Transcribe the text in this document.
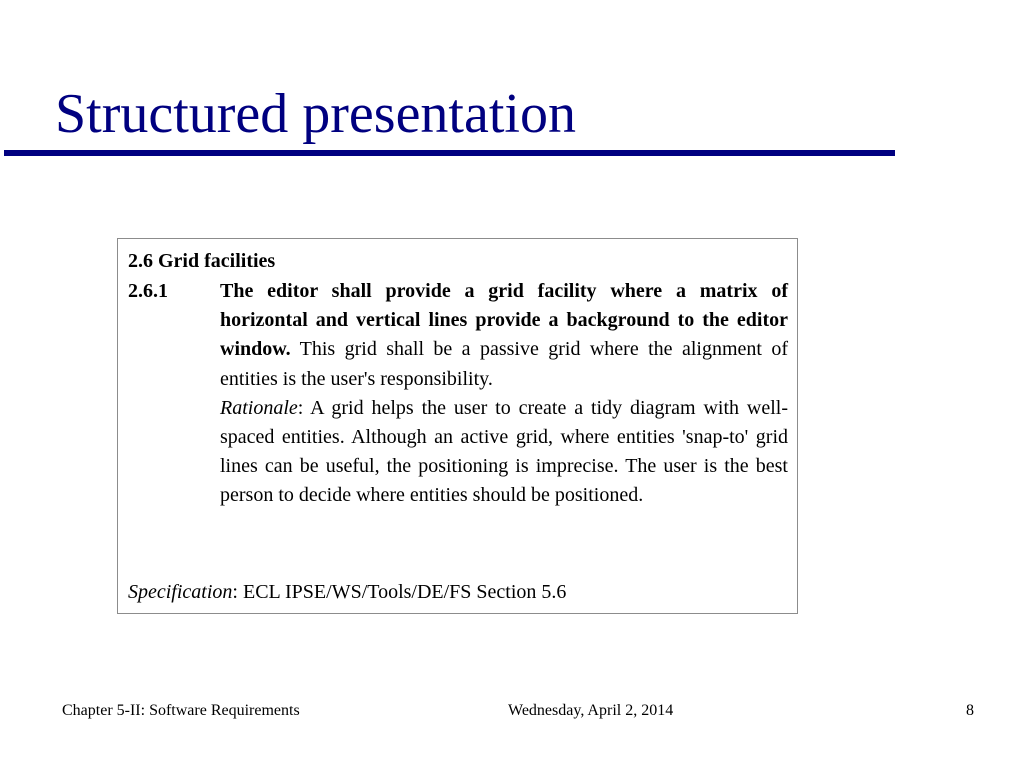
Structured presentation
2.6 Grid facilities
2.6.1	The editor shall provide a grid facility where a matrix of horizontal and vertical lines provide a background to the editor window. This grid shall be a passive grid where the alignment of entities is the user's responsibility.

Rationale: A grid helps the user to create a tidy diagram with well-spaced entities. Although an active grid, where entities 'snap-to' grid lines can be useful, the positioning is imprecise. The user is the best person to decide where entities should be positioned.

Specification: ECL IPSE/WS/Tools/DE/FS Section 5.6
Chapter 5-II: Software Requirements	Wednesday, April 2, 2014	8
